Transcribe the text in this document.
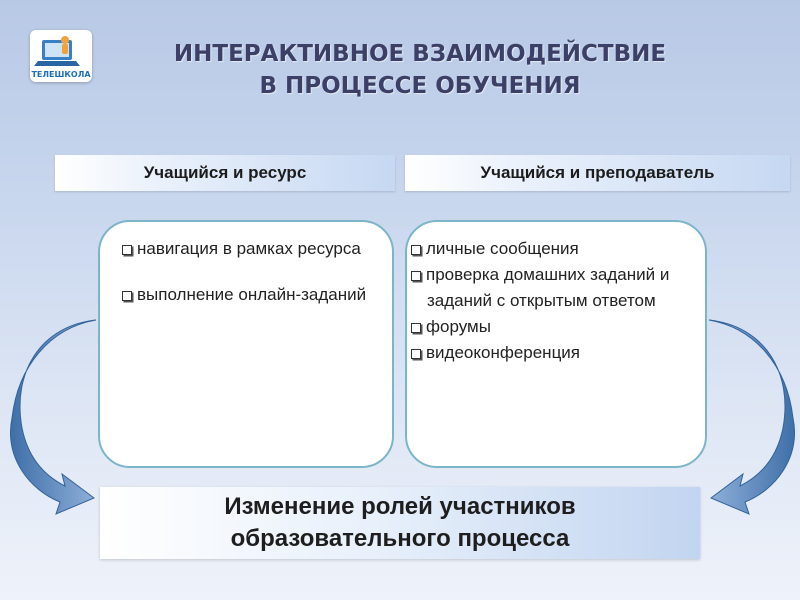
ТЕЛЕШКОЛА
ИНТЕРАКТИВНОЕ ВЗАИМОДЕЙСТВИЕ
В ПРОЦЕССЕ ОБУЧЕНИЯ
Учащийся и ресурс	Учащийся и преподаватель
навигация в рамках ресурса
выполнение онлайн-заданий
личные сообщения
проверка домашних заданий и заданий с открытым ответом
форумы
видеоконференция
Изменение ролей участников
образовательного процесса
